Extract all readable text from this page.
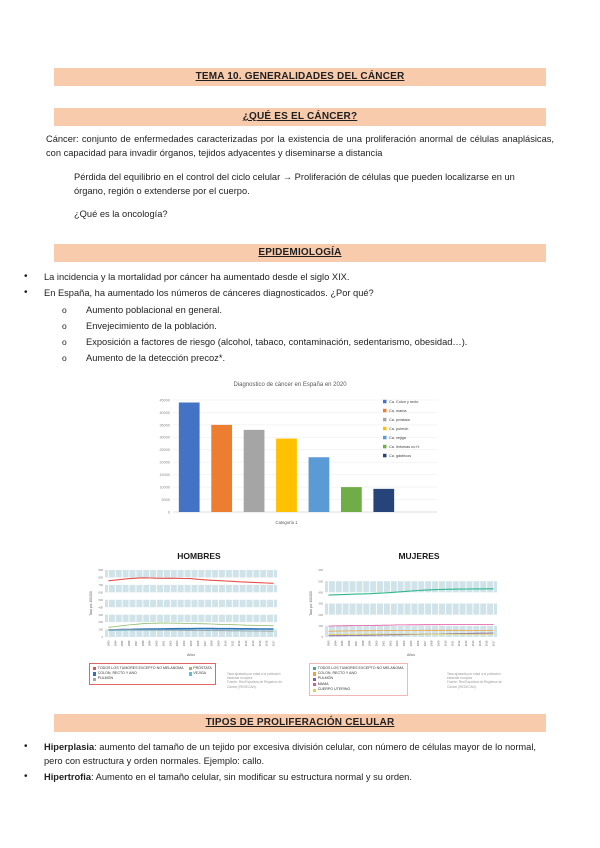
TEMA 10. GENERALIDADES DEL CÁNCER
¿QUÉ ES EL CÁNCER?

Cáncer: conjunto de enfermedades caracterizadas por la existencia de una proliferación anormal de células anaplásicas, con capacidad para invadir órganos, tejidos adyacentes y diseminarse a distancia

Pérdida del equilibrio en el control del ciclo celular → Proliferación de células que pueden localizarse en un órgano, región o extenderse por el cuerpo.

¿Qué es la oncología?

EPIDEMIOLOGÍA
• La incidencia y la mortalidad por cáncer ha aumentado desde el siglo XIX.
• En España, ha aumentado los números de cánceres diagnosticados. ¿Por qué?
o Aumento poblacional en general.
o Envejecimiento de la población.
o Exposición a factores de riesgo (alcohol, tabaco, contaminación, sedentarismo, obesidad…).
o Aumento de la detección precoz*.
Diagnostico de cáncer en España en 2020
0
5000
10000
15000
20000
25000
30000
35000
40000
45000
Categoría 1
Ca. Colon y recto
Ca. mama
Ca. próstata
Ca. pulmón
Ca. vejiga
Ca. linfomas no H.
Ca. gástricos
HOMBRES
0
100
200
300
400
500
600
700
800
900
1993	1994	1995	1996	1997	1998	1999	2000	2001	2002	2003	2004	2005	2006	2007	2008	2009	2010	2011	2012	2013	2014	2015	2016	2017
Tasa por 100.000
Años
TODOS LOS TUMORES EXCEPTO NO MELANOMA
COLON, RECTO Y ANO
PULMÓN
PRÓSTATA
VEJIGA	Tasa ajustada por edad a la población estándar europea.
Fuente: Red Española de Registros de Cáncer (REDECAN).
MUJERES
0
100
200
300
400
500
600
1993	1994	1995	1996	1997	1998	1999	2000	2001	2002	2003	2004	2005	2006	2007	2008	2009	2010	2011	2012	2013	2014	2015	2016	2017
Tasa por 100.000
Años
TODOS LOS TUMORES EXCEPTO NO MELANOMA
COLON, RECTO Y ANO
PULMÓN
MAMA
CUERPO UTERINO
Tasa ajustada por edad a la población estándar europea.
Fuente: Red Española de Registros de Cáncer (REDECAN).
TIPOS DE PROLIFERACIÓN CELULAR
• Hiperplasia: aumento del tamaño de un tejido por excesiva división celular, con número de células mayor de lo normal, pero con estructura y orden normales. Ejemplo: callo.
• Hipertrofia: Aumento en el tamaño celular, sin modificar su estructura normal y su orden.
